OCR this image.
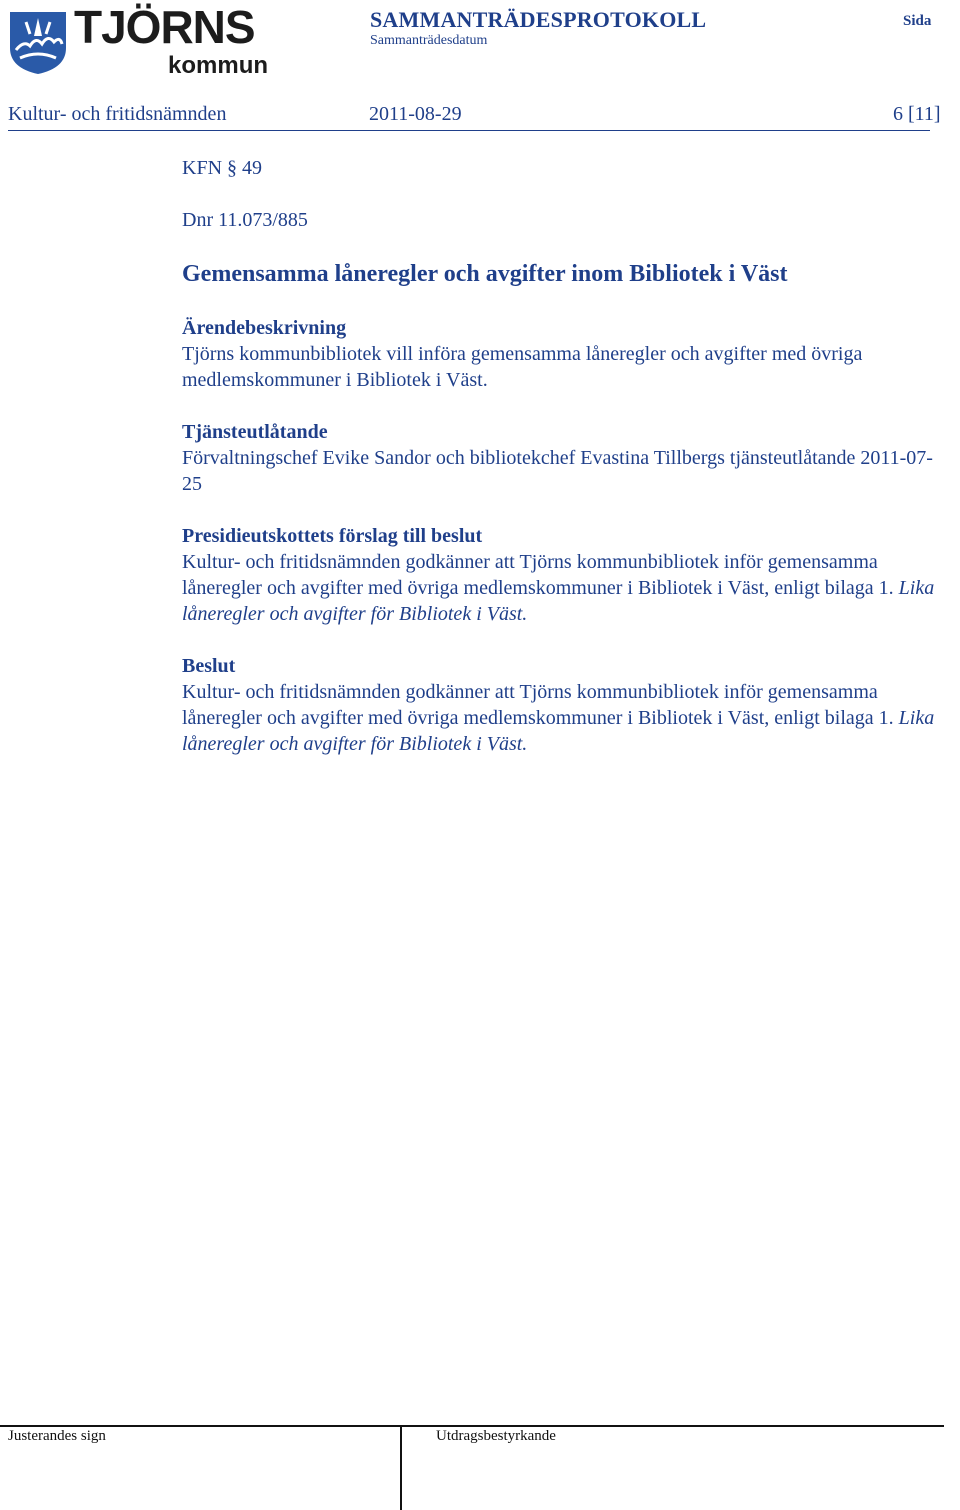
TJÖRNS
kommun
SAMMANTRÄDESPROTOKOLL
Sammanträdesdatum
Sida
Kultur- och fritidsnämnden	2011-08-29	6 [11]
KFN § 49
Dnr 11.073/885
Gemensamma låneregler och avgifter inom Bibliotek i Väst

Ärendebeskrivning

Tjörns kommunbibliotek vill införa gemensamma låneregler och avgifter med övriga medlemskommuner i Bibliotek i Väst.

Tjänsteutlåtande

Förvaltningschef Evike Sandor och bibliotekchef Evastina Tillbergs tjänsteutlåtande 2011-07-25

Presidieutskottets förslag till beslut

Kultur- och fritidsnämnden godkänner att Tjörns kommunbibliotek inför gemensamma låneregler och avgifter med övriga medlemskommuner i Bibliotek i Väst, enligt bilaga 1. Lika låneregler och avgifter för Bibliotek i Väst.

Beslut

Kultur- och fritidsnämnden godkänner att Tjörns kommunbibliotek inför gemensamma låneregler och avgifter med övriga medlemskommuner i Bibliotek i Väst, enligt bilaga 1. Lika låneregler och avgifter för Bibliotek i Väst.

Justerandes sign	Utdragsbestyrkande
